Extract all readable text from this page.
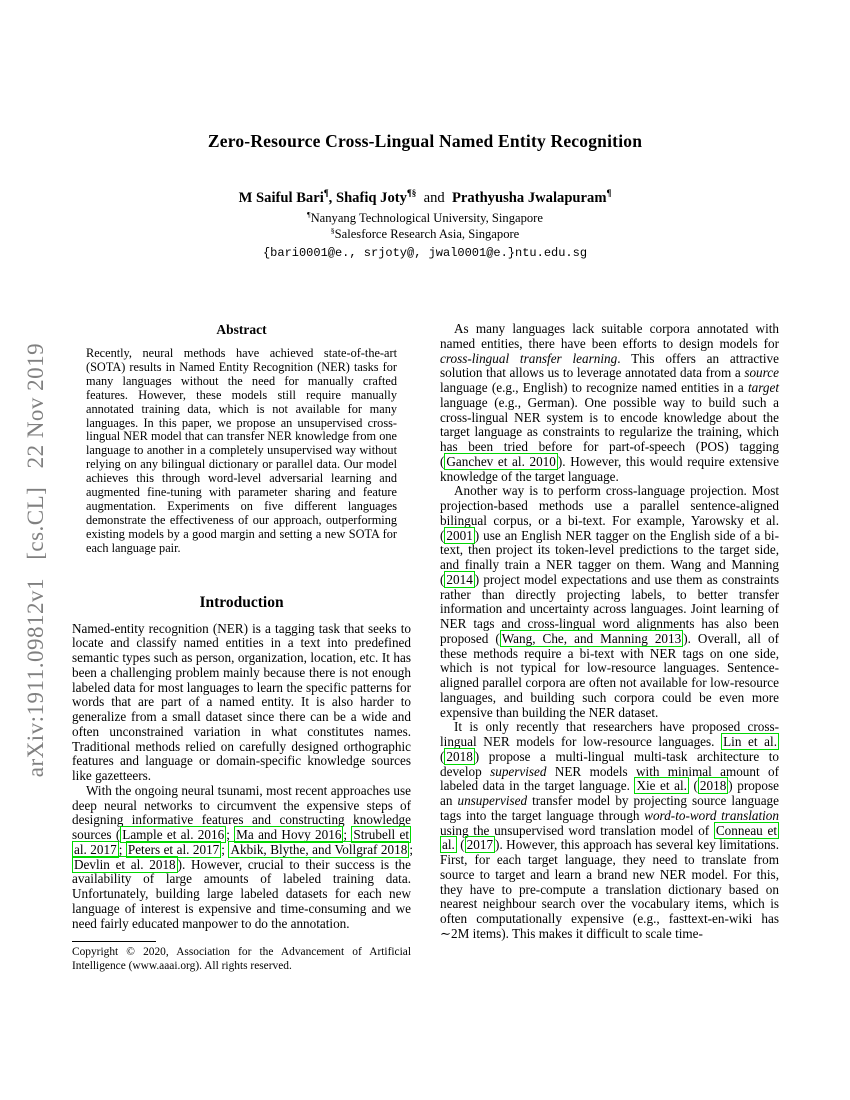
arXiv:1911.09812v1  [cs.CL]  22 Nov 2019
Zero-Resource Cross-Lingual Named Entity Recognition
M Saiful Bari¶, Shafiq Joty¶§ and Prathyusha Jwalapuram¶
¶Nanyang Technological University, Singapore
§Salesforce Research Asia, Singapore
{bari0001@e., srjoty@, jwal0001@e.}ntu.edu.sg
Abstract
Recently, neural methods have achieved state-of-the-art (SOTA) results in Named Entity Recognition (NER) tasks for many languages without the need for manually crafted features. However, these models still require manually annotated training data, which is not available for many languages. In this paper, we propose an unsupervised cross-lingual NER model that can transfer NER knowledge from one language to another in a completely unsupervised way without relying on any bilingual dictionary or parallel data. Our model achieves this through word-level adversarial learning and augmented fine-tuning with parameter sharing and feature augmentation. Experiments on five different languages demonstrate the effectiveness of our approach, outperforming existing models by a good margin and setting a new SOTA for each language pair.
Introduction

Named-entity recognition (NER) is a tagging task that seeks to locate and classify named entities in a text into predefined semantic types such as person, organization, location, etc. It has been a challenging problem mainly because there is not enough labeled data for most languages to learn the specific patterns for words that are part of a named entity. It is also harder to generalize from a small dataset since there can be a wide and often unconstrained variation in what constitutes names. Traditional methods relied on carefully designed orthographic features and language or domain-specific knowledge sources like gazetteers.

With the ongoing neural tsunami, most recent approaches use deep neural networks to circumvent the expensive steps of designing informative features and constructing knowledge sources ( Lample et al. 2016 ; Ma and Hovy 2016 ; Strubell et al. 2017 ; Peters et al. 2017 ; Akbik, Blythe, and Vollgraf 2018 ; Devlin et al. 2018 ). However, crucial to their success is the availability of large amounts of labeled training data. Unfortunately, building large labeled datasets for each new language of interest is expensive and time-consuming and we need fairly educated manpower to do the annotation.

As many languages lack suitable corpora annotated with named entities, there have been efforts to design models for cross-lingual transfer learning. This offers an attractive solution that allows us to leverage annotated data from a source language (e.g., English) to recognize named entities in a target language (e.g., German). One possible way to build such a cross-lingual NER system is to encode knowledge about the target language as constraints to regularize the training, which has been tried before for part-of-speech (POS) tagging ( Ganchev et al. 2010 ). However, this would require extensive knowledge of the target language.

Another way is to perform cross-language projection. Most projection-based methods use a parallel sentence-aligned bilingual corpus, or a bi-text. For example, Yarowsky et al. ( 2001 ) use an English NER tagger on the English side of a bi-text, then project its token-level predictions to the target side, and finally train a NER tagger on them. Wang and Manning ( 2014 ) project model expectations and use them as constraints rather than directly projecting labels, to better transfer information and uncertainty across languages. Joint learning of NER tags and cross-lingual word alignments has also been proposed ( Wang, Che, and Manning 2013 ). Overall, all of these methods require a bi-text with NER tags on one side, which is not typical for low-resource languages. Sentence-aligned parallel corpora are often not available for low-resource languages, and building such corpora could be even more expensive than building the NER dataset.

It is only recently that researchers have proposed cross-lingual NER models for low-resource languages. Lin et al. ( 2018 ) propose a multi-lingual multi-task architecture to develop supervised NER models with minimal amount of labeled data in the target language. Xie et al. ( 2018 ) propose an unsupervised transfer model by projecting source language tags into the target language through word-to-word translation using the unsupervised word translation model of Conneau et al. ( 2017 ). However, this approach has several key limitations. First, for each target language, they need to translate from source to target and learn a brand new NER model. For this, they have to pre-compute a translation dictionary based on nearest neighbour search over the vocabulary items, which is often computationally expensive (e.g., fasttext-en-wiki has ∼2M items). This makes it difficult to scale time-

Copyright © 2020, Association for the Advancement of Artificial Intelligence (www.aaai.org). All rights reserved.
